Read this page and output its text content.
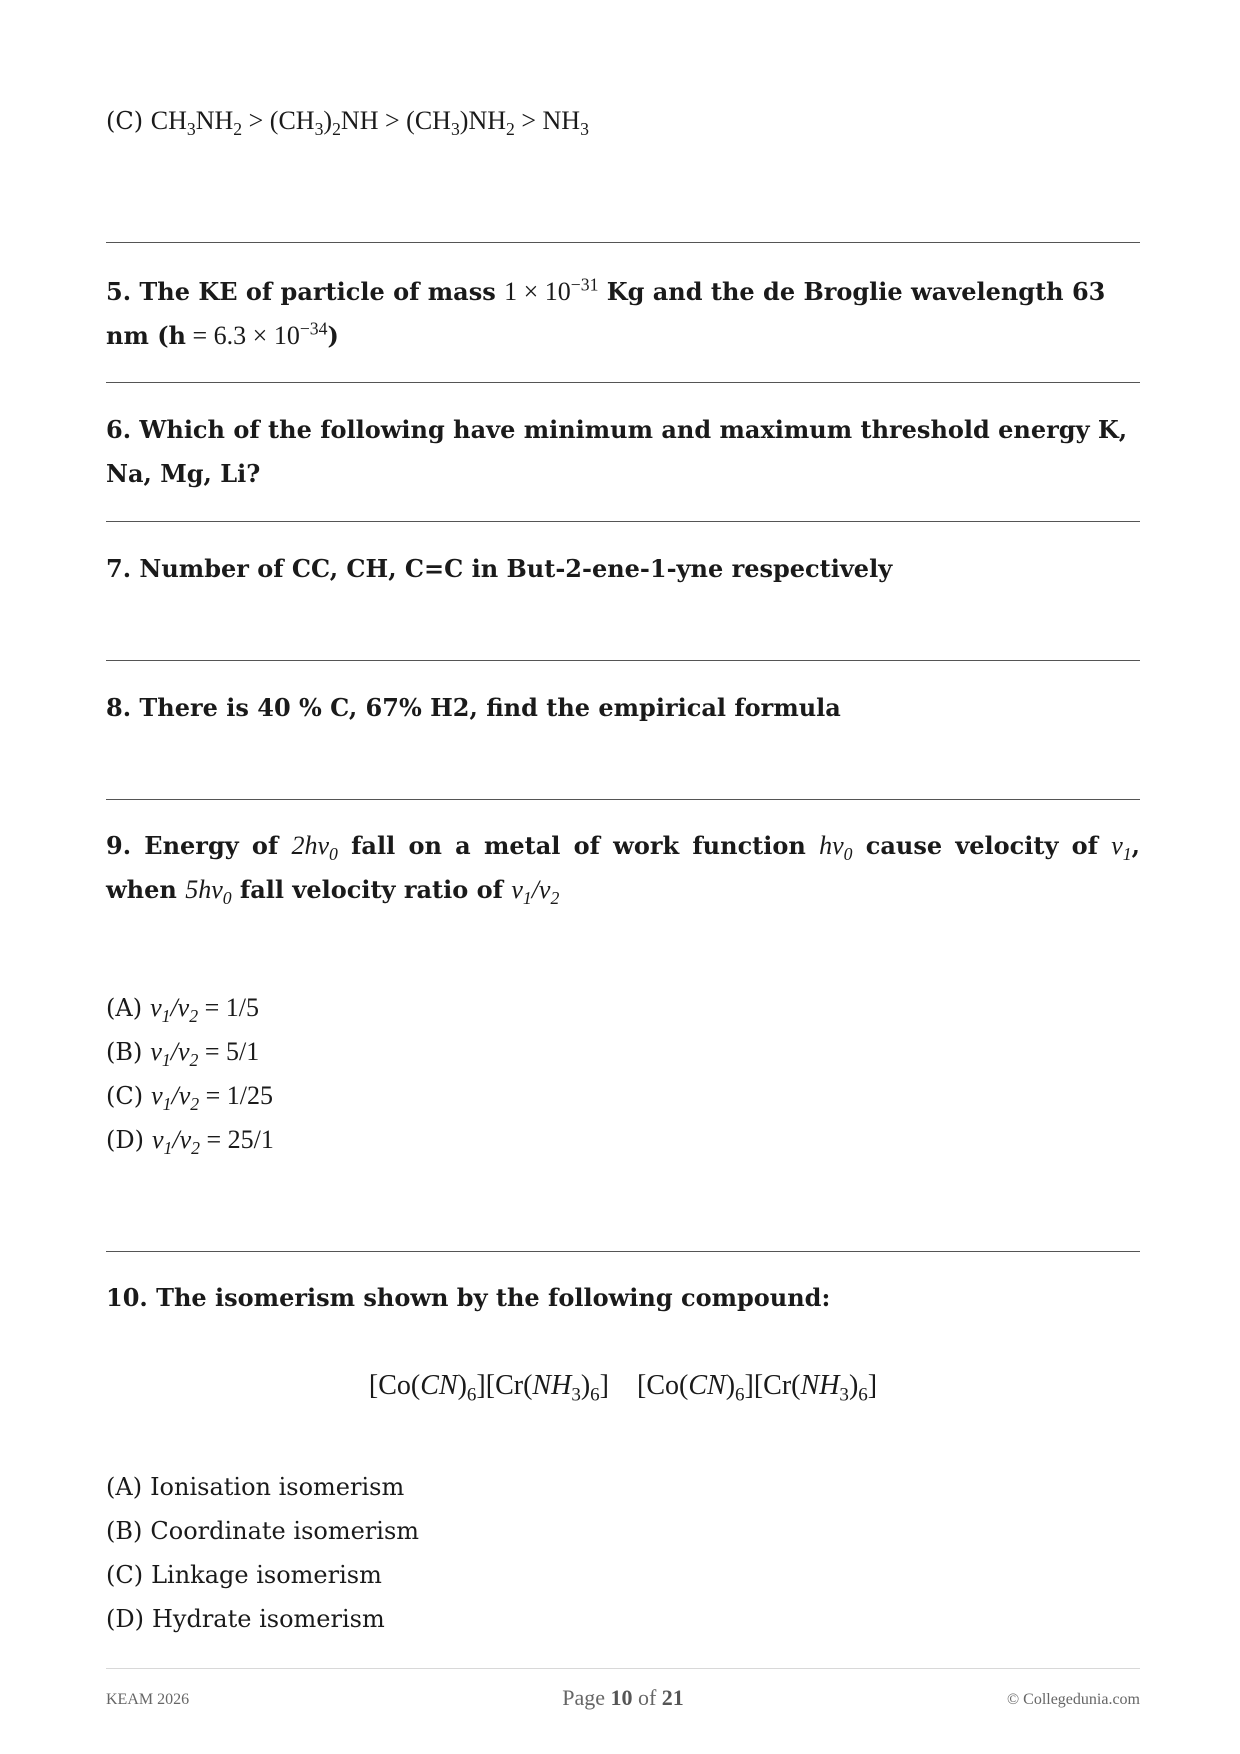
(C) $CH_3NH_2 > (CH_3)_2NH > (CH_3)NH_2 > NH_3$
5. The KE of particle of mass $1 \times 10^{-31}$ Kg and the de Broglie wavelength 63 nm $(h = 6.3 \times 10^{-34})$
6. Which of the following have minimum and maximum threshold energy K, Na, Mg, Li?
7. Number of CC, CH, C=C in But-2-ene-1-yne respectively
8. There is 40 % C, 67% H2, find the empirical formula
9. Energy of $2h\nu_0$ fall on a metal of work function $h\nu_0$ cause velocity of $v_1$, when $5h\nu_0$ fall velocity ratio of $v_1/v_2$
(A) $v_1/v_2 = 1/5$
(B) $v_1/v_2 = 5/1$
(C) $v_1/v_2 = 1/25$
(D) $v_1/v_2 = 25/1$
10. The isomerism shown by the following compound:
$[Co(CN)_6][Cr(NH_3)_6]$ $[Co(CN)_6][Cr(NH_3)_6]$
(A) Ionisation isomerism
(B) Coordinate isomerism
(C) Linkage isomerism
(D) Hydrate isomerism
KEAM 2026	Page 10 of 21	© Collegedunia.com
